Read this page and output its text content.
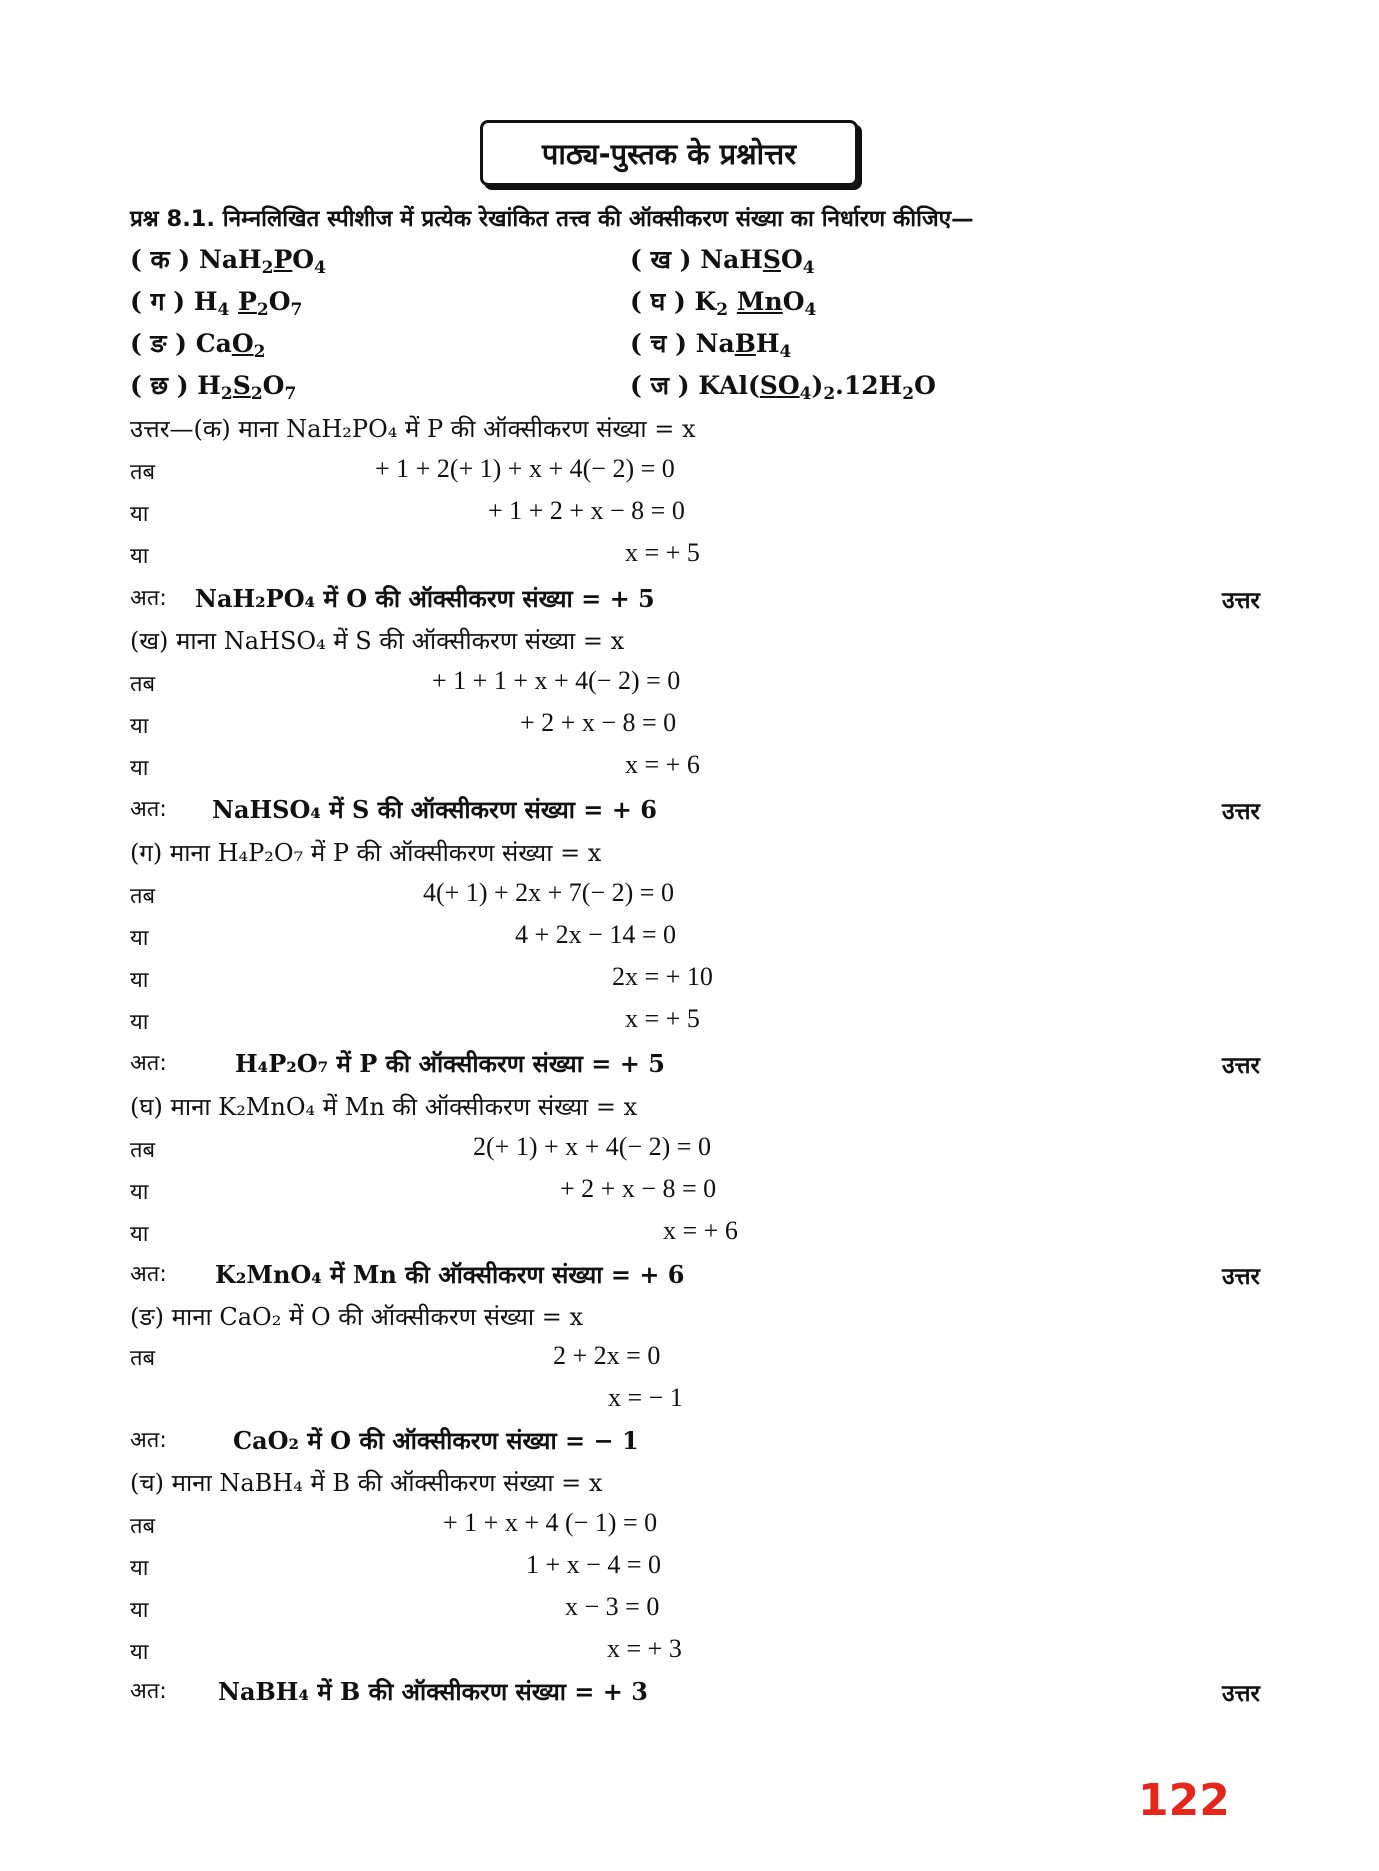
पाठ्य-पुस्तक के प्रश्नोत्तर
प्रश्न 8.1. निम्नलिखित स्पीशीज में प्रत्येक रेखांकित तत्त्व की ऑक्सीकरण संख्या का निर्धारण कीजिए—
( क ) $NaH_2PO_4$	( ख ) NaHSO$_4$
( ग ) $H_4$ $P_2O_7$	( घ ) $K_2$ MnO$_4$
( ङ ) CaO$_2$	( च ) NaBH$_4$
( छ ) $H_2S_2O_7$	( ज ) $KAl(SO_4)_2.12H_2O$
उत्तर—(क) माना NaH₂PO₄ में P की ऑक्सीकरण संख्या = x
तब	+ 1 + 2(+ 1) + x + 4(− 2) = 0
या	+ 1 + 2 + x − 8 = 0
या	x = + 5
अत: NaH₂PO₄ में O की ऑक्सीकरण संख्या = + 5	उत्तर
(ख) माना NaHSO₄ में S की ऑक्सीकरण संख्या = x
तब	+ 1 + 1 + x + 4(− 2) = 0
या	+ 2 + x − 8 = 0
या	x = + 6
अत: NaHSO₄ में S की ऑक्सीकरण संख्या = + 6	उत्तर
(ग) माना H₄P₂O₇ में P की ऑक्सीकरण संख्या = x
तब	4(+ 1) + 2x + 7(− 2) = 0
या	4 + 2x − 14 = 0
या	2x = + 10
या	x = + 5
अत:	H₄P₂O₇ में P की ऑक्सीकरण संख्या = + 5	उत्तर
(घ) माना K₂MnO₄ में Mn की ऑक्सीकरण संख्या = x
तब	2(+ 1) + x + 4(− 2) = 0
या	+ 2 + x − 8 = 0
या	x = + 6
अत: K₂MnO₄ में Mn की ऑक्सीकरण संख्या = + 6	उत्तर
(ङ) माना CaO₂ में O की ऑक्सीकरण संख्या = x
तब	2 + 2x = 0
x = − 1
अत:	CaO₂ में O की ऑक्सीकरण संख्या = − 1
(च) माना NaBH₄ में B की ऑक्सीकरण संख्या = x
तब	+ 1 + x + 4 (− 1) = 0
या	1 + x − 4 = 0
या	x − 3 = 0
या	x = + 3
अत: NaBH₄ में B की ऑक्सीकरण संख्या = + 3	उत्तर
122
